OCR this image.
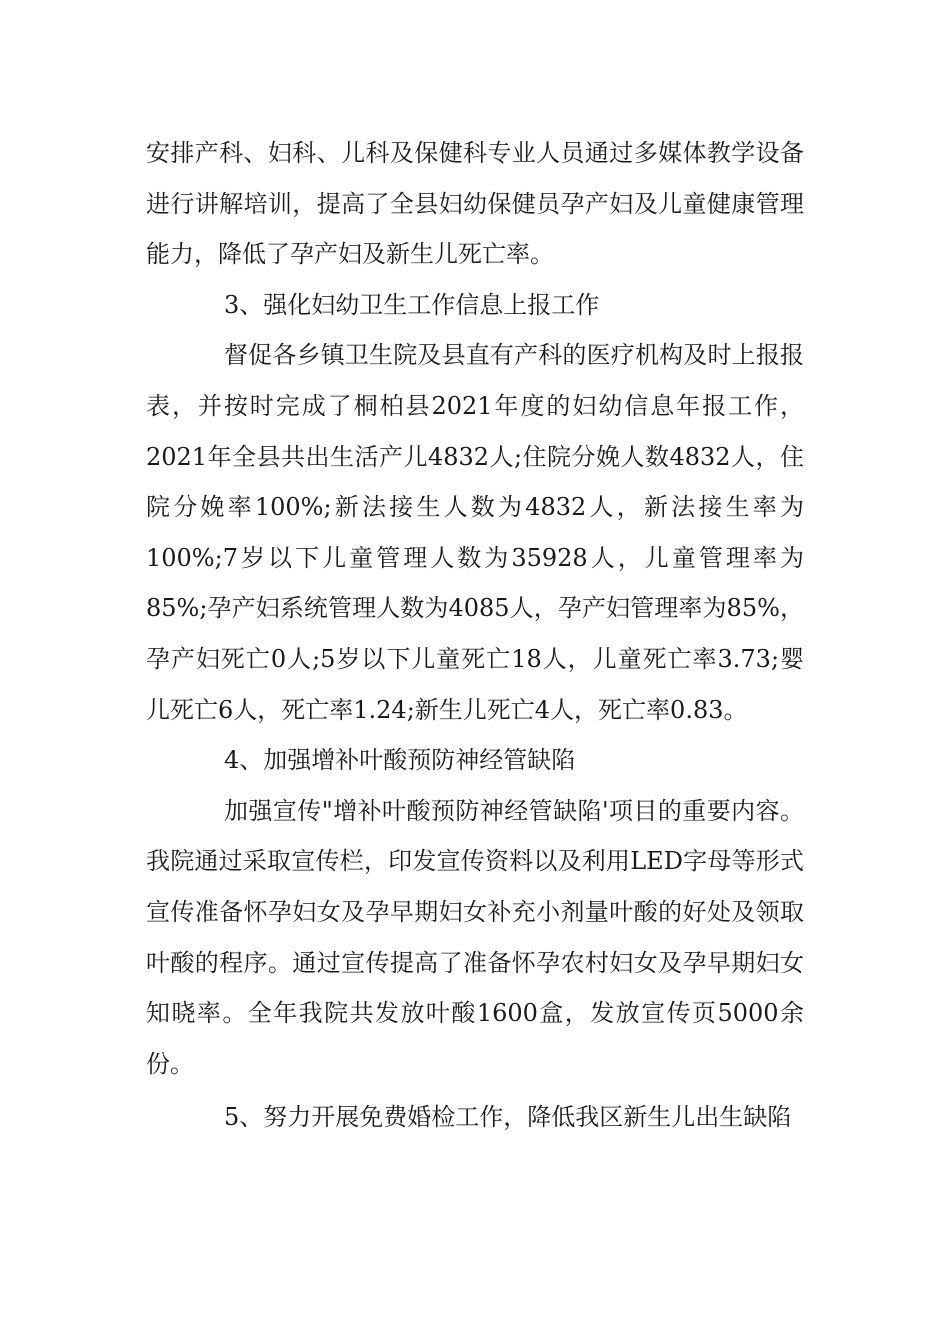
安排产科、妇科、儿科及保健科专业人员通过多媒体教学设备进行讲解培训，提高了全县妇幼保健员孕产妇及儿童健康管理能力，降低了孕产妇及新生儿死亡率。

3、强化妇幼卫生工作信息上报工作

督促各乡镇卫生院及县直有产科的医疗机构及时上报报表，并按时完成了桐柏县2021年度的妇幼信息年报工作，2021年全县共出生活产儿4832人;住院分娩人数4832人，住院分娩率100%;新法接生人数为4832人，新法接生率为100%;7岁以下儿童管理人数为35928人，儿童管理率为85%;孕产妇系统管理人数为4085人，孕产妇管理率为85%，孕产妇死亡0人;5岁以下儿童死亡18人，儿童死亡率3.73;婴儿死亡6人，死亡率1.24;新生儿死亡4人，死亡率0.83。

4、加强增补叶酸预防神经管缺陷

加强宣传"增补叶酸预防神经管缺陷'项目的重要内容。我院通过采取宣传栏，印发宣传资料以及利用LED字母等形式宣传准备怀孕妇女及孕早期妇女补充小剂量叶酸的好处及领取叶酸的程序。通过宣传提高了准备怀孕农村妇女及孕早期妇女知晓率。全年我院共发放叶酸1600盒，发放宣传页5000余份。

5、努力开展免费婚检工作，降低我区新生儿出生缺陷
